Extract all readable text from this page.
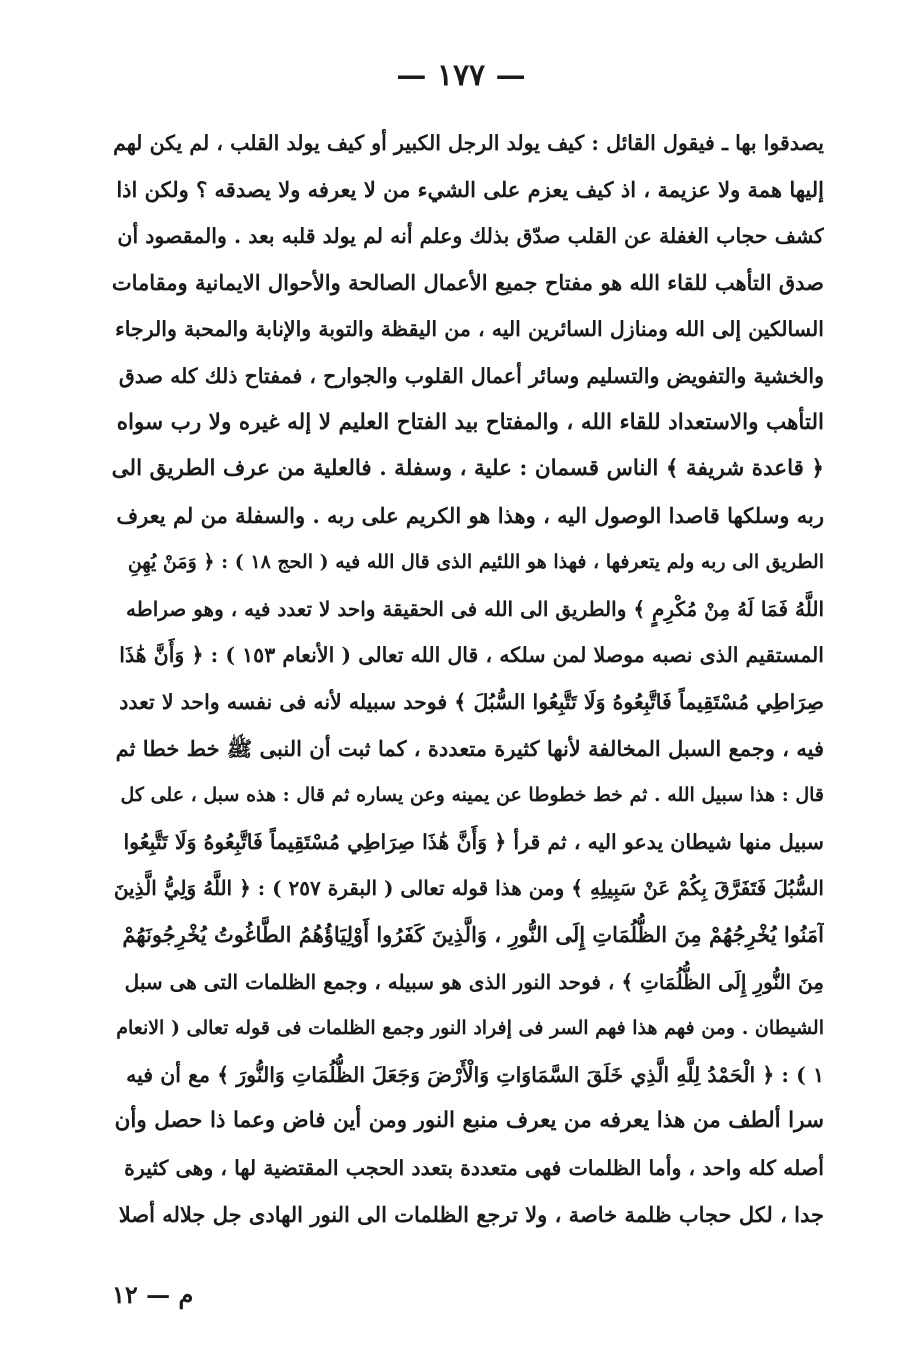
— ١٧٧ —
يصدقوا بها ـ فيقول القائل : كيف يولد الرجل الكبير أو كيف يولد القلب ، لم يكن لهم
إليها همة ولا عزيمة ، اذ كيف يعزم على الشيء من لا يعرفه ولا يصدقه ؟ ولكن اذا
كشف حجاب الغفلة عن القلب صدّق بذلك وعلم أنه لم يولد قلبه بعد . والمقصود أن
صدق التأهب للقاء الله هو مفتاح جميع الأعمال الصالحة والأحوال الايمانية ومقامات
السالكين إلى الله ومنازل السائرين اليه ، من اليقظة والتوبة والإنابة والمحبة والرجاء
والخشية والتفويض والتسليم وسائر أعمال القلوب والجوارح ، فمفتاح ذلك كله صدق
التأهب والاستعداد للقاء الله ، والمفتاح بيد الفتاح العليم لا إله غيره ولا رب سواه
﴿ قاعدة شريفة ﴾ الناس قسمان : علية ، وسفلة . فالعلية من عرف الطريق الى
ربه وسلكها قاصدا الوصول اليه ، وهذا هو الكريم على ربه . والسفلة من لم يعرف
الطريق الى ربه ولم يتعرفها ، فهذا هو اللئيم الذى قال الله فيه ( الحج ١٨ ) : ﴿ وَمَنْ يُهِنِ
اللَّهُ فَمَا لَهُ مِنْ مُكْرِمٍ ﴾ والطريق الى الله فى الحقيقة واحد لا تعدد فيه ، وهو صراطه
المستقيم الذى نصبه موصلا لمن سلكه ، قال الله تعالى ( الأنعام ١٥٣ ) : ﴿ وَأَنَّ هَٰذَا
صِرَاطِي مُسْتَقِيماً فَاتَّبِعُوهُ وَلَا تَتَّبِعُوا السُّبُلَ ﴾ فوحد سبيله لأنه فى نفسه واحد لا تعدد
فيه ، وجمع السبل المخالفة لأنها كثيرة متعددة ، كما ثبت أن النبى ﷺ خط خطا ثم
قال : هذا سبيل الله . ثم خط خطوطا عن يمينه وعن يساره ثم قال : هذه سبل ، على كل
سبيل منها شيطان يدعو اليه ، ثم قرأ ﴿ وَأَنَّ هَٰذَا صِرَاطِي مُسْتَقِيماً فَاتَّبِعُوهُ وَلَا تَتَّبِعُوا
السُّبُلَ فَتَفَرَّقَ بِكُمْ عَنْ سَبِيلِهِ ﴾ ومن هذا قوله تعالى ( البقرة ٢٥٧ ) : ﴿ اللَّهُ وَلِيُّ الَّذِينَ
آمَنُوا يُخْرِجُهُمْ مِنَ الظُّلُمَاتِ إِلَى النُّورِ ، وَالَّذِينَ كَفَرُوا أَوْلِيَاؤُهُمُ الطَّاغُوتُ يُخْرِجُونَهُمْ
مِنَ النُّورِ إِلَى الظُّلُمَاتِ ﴾ ، فوحد النور الذى هو سبيله ، وجمع الظلمات التى هى سبل
الشيطان . ومن فهم هذا فهم السر فى إفراد النور وجمع الظلمات فى قوله تعالى ( الانعام
١ ) : ﴿ الْحَمْدُ لِلَّهِ الَّذِي خَلَقَ السَّمَاوَاتِ وَالْأَرْضَ وَجَعَلَ الظُّلُمَاتِ وَالنُّورَ ﴾ مع أن فيه
سرا ألطف من هذا يعرفه من يعرف منبع النور ومن أين فاض وعما ذا حصل وأن
أصله كله واحد ، وأما الظلمات فهى متعددة بتعدد الحجب المقتضية لها ، وهى كثيرة
جدا ، لكل حجاب ظلمة خاصة ، ولا ترجع الظلمات الى النور الهادى جل جلاله أصلا
م — ١٢
